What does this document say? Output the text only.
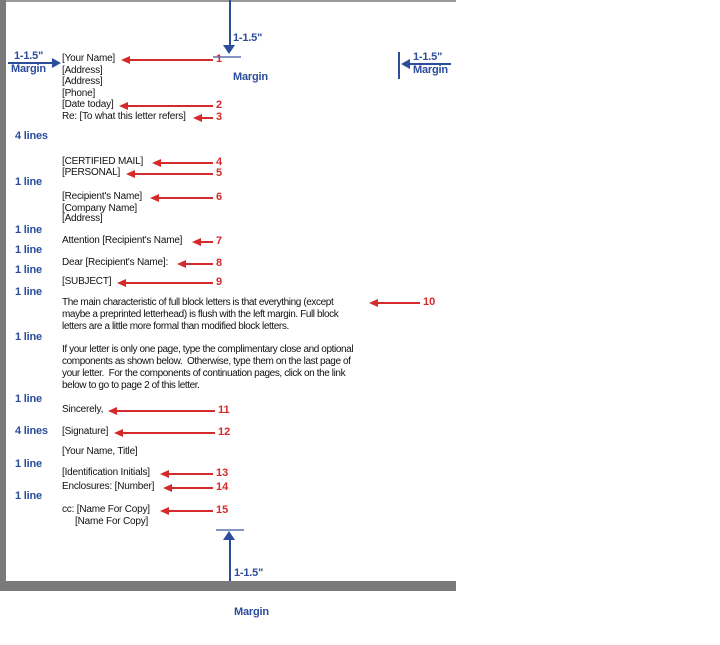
1-1.5"

Margin

1-1.5"
Margin
1-1.5"
Margin

1-1.5"

Margin

4 lines
1 line
1 line
1 line
1 line
1 line
1 line
1 line
4 lines
1 line
1 line
[Your Name]
[Address]
[Address]
[Phone]
[Date today]
Re: [To what this letter refers]
[CERTIFIED MAIL]
[PERSONAL]
[Recipient's Name]
[Company Name]
[Address]
Attention [Recipient's Name]
Dear [Recipient's Name]:
[SUBJECT]
The main characteristic of full block letters is that everything (except
maybe a preprinted letterhead) is flush with the left margin. Full block
letters are a little more formal than modified block letters.
If your letter is only one page, type the complimentary close and optional
components as shown below.  Otherwise, type them on the last page of
your letter.  For the components of continuation pages, click on the link
below to go to page 2 of this letter.
Sincerely,
[Signature]
[Your Name, Title]
[Identification Initials]
Enclosures: [Number]
cc: [Name For Copy]
[Name For Copy]
1
2
3
4
5
6
7
8
9
10
11
12
13
14
15
